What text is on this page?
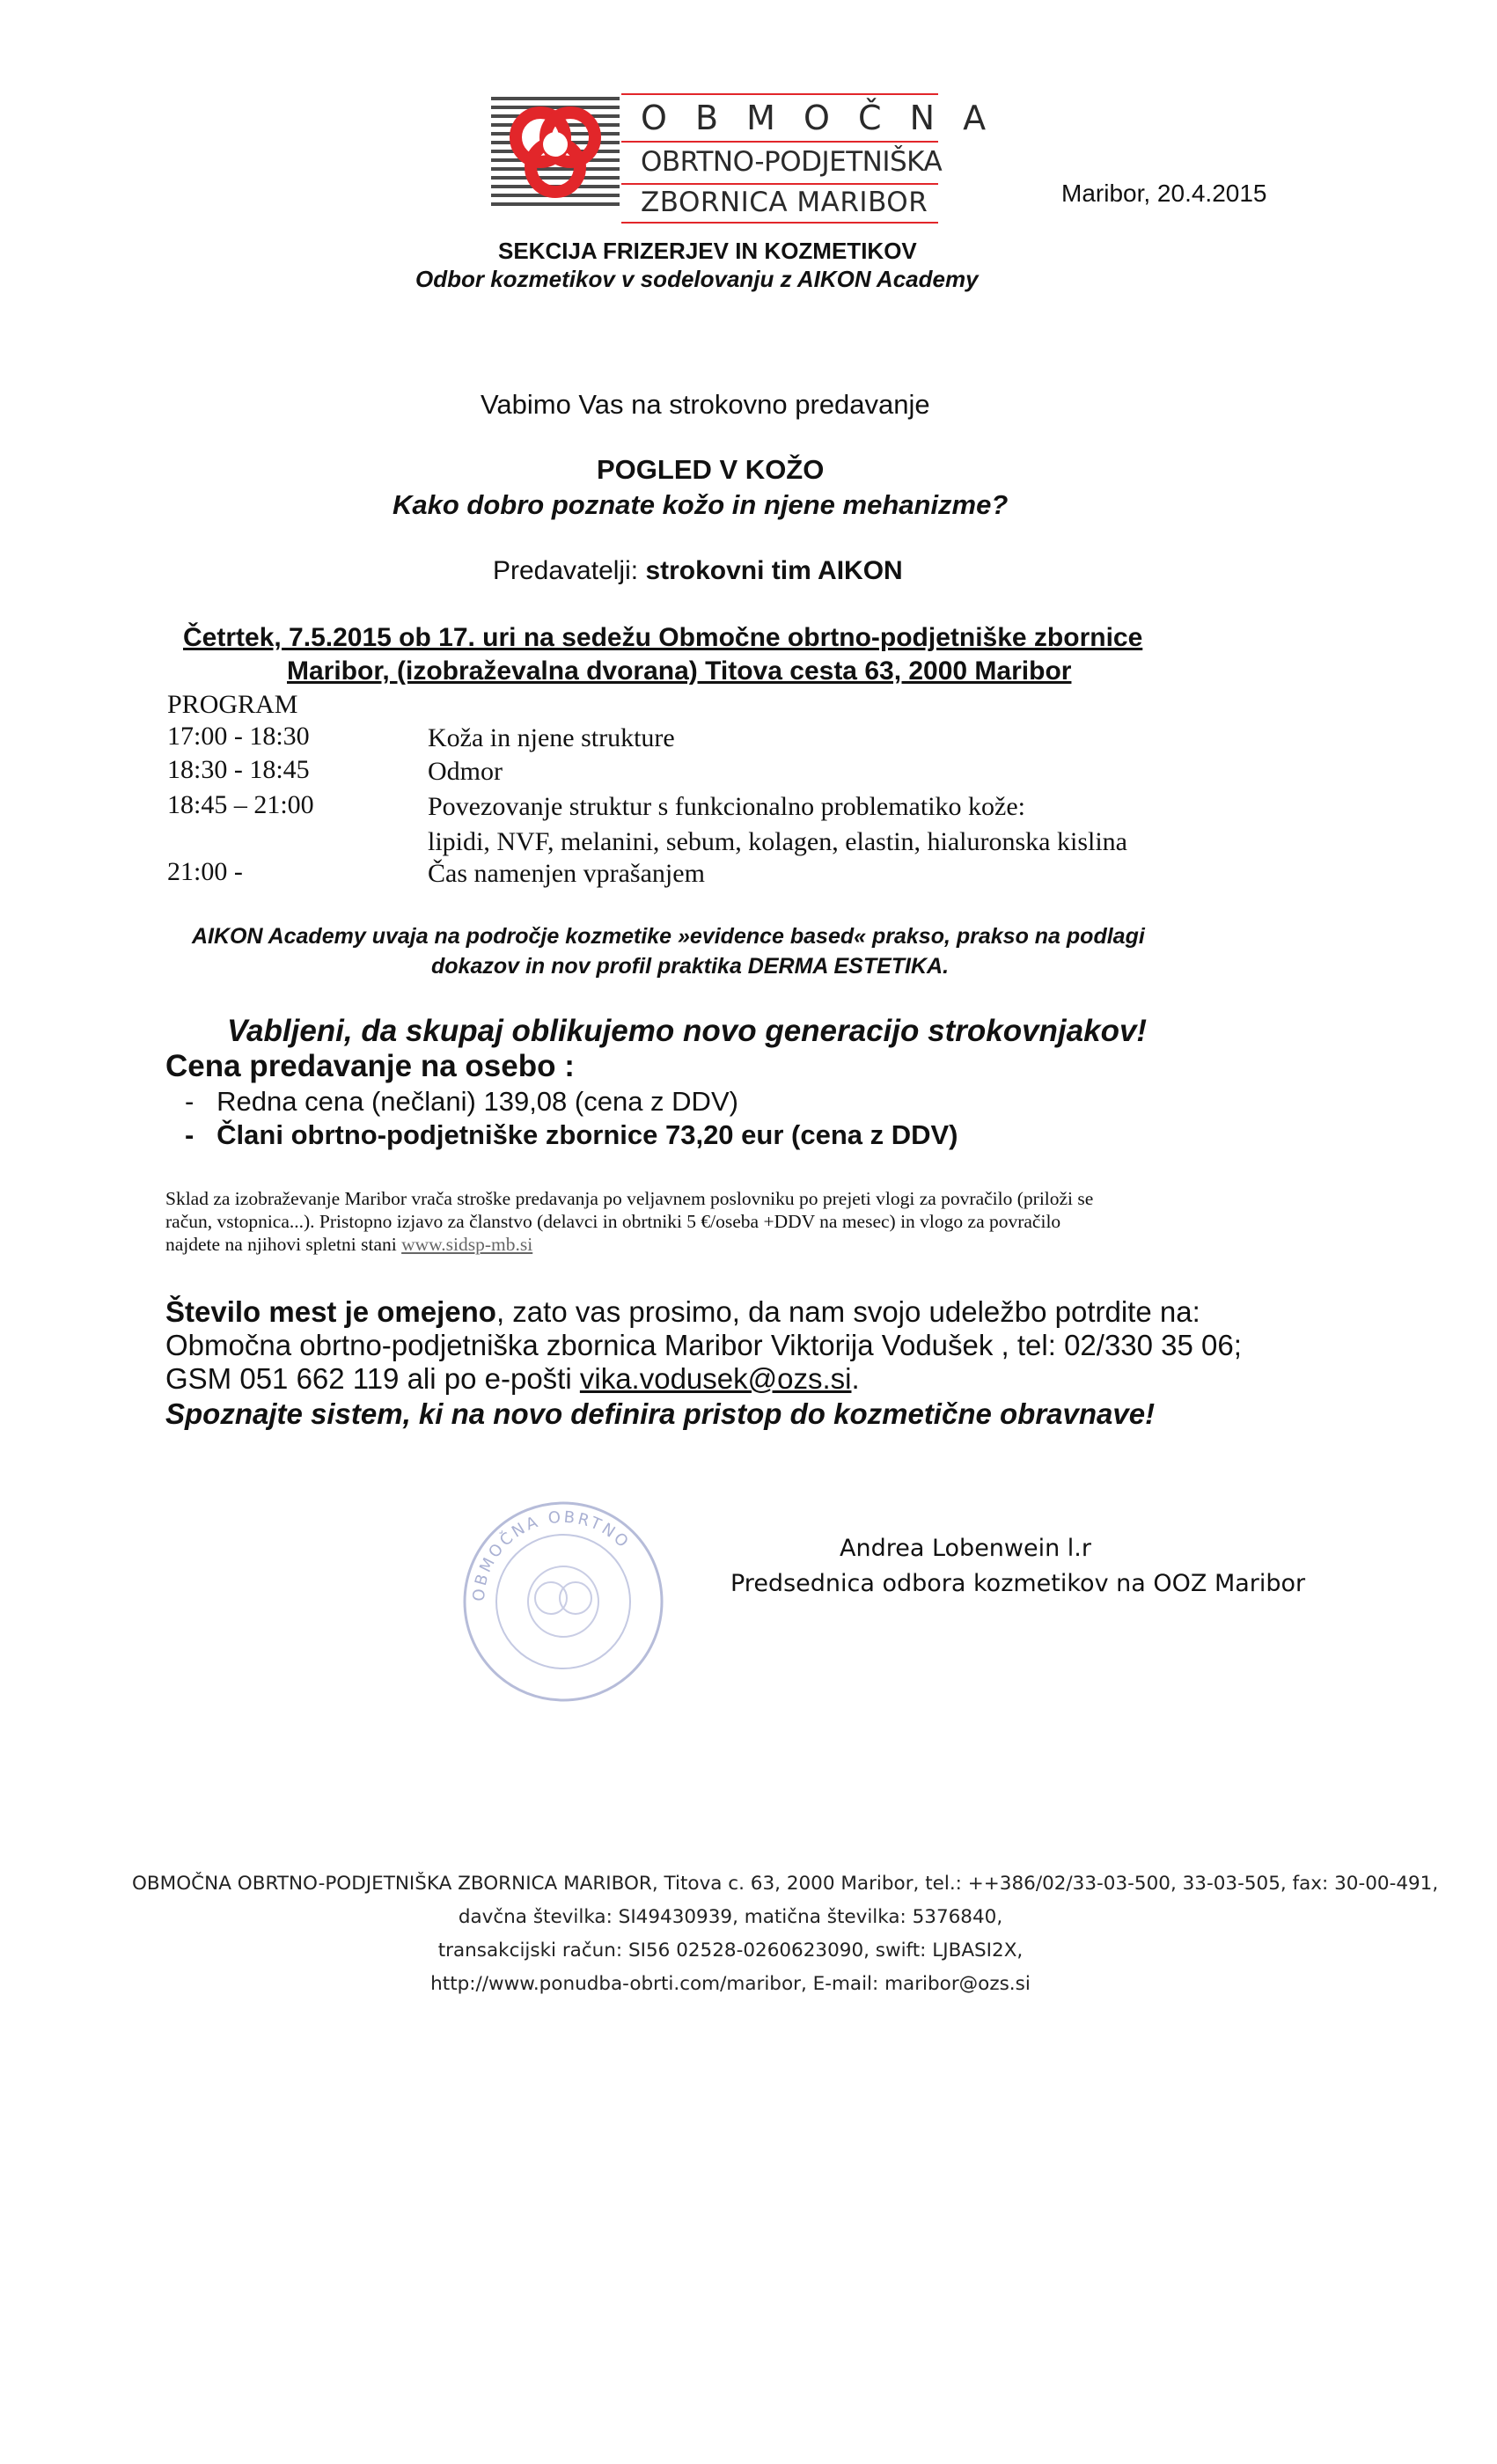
O B M O Č N A
OBRTNO-PODJETNIŠKA
ZBORNICA MARIBOR	Maribor, 20.4.2015
SEKCIJA FRIZERJEV IN KOZMETIKOV
Odbor kozmetikov v sodelovanju z AIKON Academy
Vabimo Vas na strokovno predavanje
POGLED V KOŽO
Kako dobro poznate kožo in njene mehanizme?
Predavatelji: strokovni tim AIKON
Četrtek, 7.5.2015 ob 17. uri na sedežu Območne obrtno-podjetniške zbornice
Maribor, (izobraževalna dvorana) Titova cesta 63, 2000 Maribor
PROGRAM
17:00 - 18:30	Koža in njene strukture
18:30 - 18:45	Odmor
18:45 – 21:00	Povezovanje struktur s funkcionalno problematiko kože:
lipidi, NVF, melanini, sebum, kolagen, elastin, hialuronska kislina
21:00 -	Čas namenjen vprašanjem
AIKON Academy uvaja na področje kozmetike »evidence based« prakso, prakso na podlagi
dokazov in nov profil praktika DERMA ESTETIKA.
Vabljeni, da skupaj oblikujemo novo generacijo strokovnjakov!
Cena predavanje na osebo :
-   Redna cena (nečlani) 139,08 (cena z DDV)
-   Člani obrtno-podjetniške zbornice 73,20 eur (cena z DDV)
Sklad za izobraževanje Maribor vrača stroške predavanja po veljavnem poslovniku po prejeti vlogi za povračilo (priloži se
račun, vstopnica...). Pristopno izjavo za članstvo (delavci in obrtniki 5 €/oseba +DDV na mesec) in vlogo za povračilo
najdete na njihovi spletni stani www.sidsp-mb.si
Število mest je omejeno, zato vas prosimo, da nam svojo udeležbo potrdite na:
Območna obrtno-podjetniška zbornica Maribor Viktorija Vodušek , tel: 02/330 35 06;
GSM 051 662 119 ali po e-pošti vika.vodusek@ozs.si.
Spoznajte sistem, ki na novo definira pristop do kozmetične obravnave!
OBMOČNA OBRTNO	Andrea Lobenwein l.r
Predsednica odbora kozmetikov na OOZ Maribor
OBMOČNA OBRTNO-PODJETNIŠKA ZBORNICA MARIBOR, Titova c. 63, 2000 Maribor, tel.: ++386/02/33-03-500, 33-03-505, fax: 30-00-491,
davčna številka: SI49430939, matična številka: 5376840,
transakcijski račun: SI56 02528-0260623090, swift: LJBASI2X,
http://www.ponudba-obrti.com/maribor, E-mail: maribor@ozs.si
